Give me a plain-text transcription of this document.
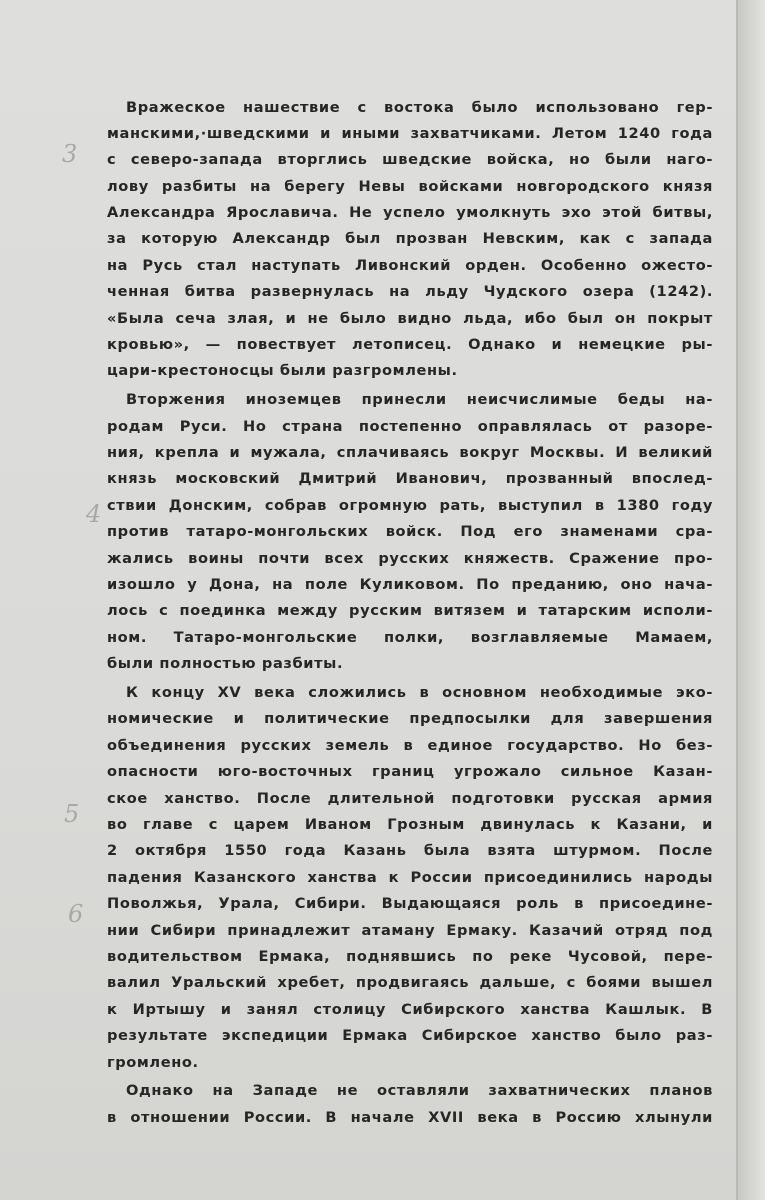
3
4
5
6
Вражеское нашествие с востока было использовано гер-
манскими,·шведскими и иными захватчиками. Летом 1240 года
с северо-запада вторглись шведские войска, но были наго-
лову разбиты на берегу Невы войсками новгородского князя
Александра Ярославича. Не успело умолкнуть эхо этой битвы,
за которую Александр был прозван Невским, как с запада
на Русь стал наступать Ливонский орден. Особенно ожесто-
ченная битва развернулась на льду Чудского озера (1242).
«Была сеча злая, и не было видно льда, ибо был он покрыт
кровью», — повествует летописец. Однако и немецкие ры-
цари-крестоносцы были разгромлены.
Вторжения иноземцев принесли неисчислимые беды на-
родам Руси. Но страна постепенно оправлялась от разоре-
ния, крепла и мужала, сплачиваясь вокруг Москвы. И великий
князь московский Дмитрий Иванович, прозванный впослед-
ствии Донским, собрав огромную рать, выступил в 1380 году
против татаро-монгольских войск. Под его знаменами сра-
жались воины почти всех русских княжеств. Сражение про-
изошло у Дона, на поле Куликовом. По преданию, оно нача-
лось с поединка между русским витязем и татарским исполи-
ном. Татаро-монгольские полки, возглавляемые Мамаем,
были полностью разбиты.
К концу XV века сложились в основном необходимые эко-
номические и политические предпосылки для завершения
объединения русских земель в единое государство. Но без-
опасности юго-восточных границ угрожало сильное Казан-
ское ханство. После длительной подготовки русская армия
во главе с царем Иваном Грозным двинулась к Казани, и
2 октября 1550 года Казань была взята штурмом. После
падения Казанского ханства к России присоединились народы
Поволжья, Урала, Сибири. Выдающаяся роль в присоедине-
нии Сибири принадлежит атаману Ермаку. Казачий отряд под
водительством Ермака, поднявшись по реке Чусовой, пере-
валил Уральский хребет, продвигаясь дальше, с боями вышел
к Иртышу и занял столицу Сибирского ханства Кашлык. В
результате экспедиции Ермака Сибирское ханство было раз-
громлено.
Однако на Западе не оставляли захватнических планов
в отношении России. В начале XVII века в Россию хлынули
